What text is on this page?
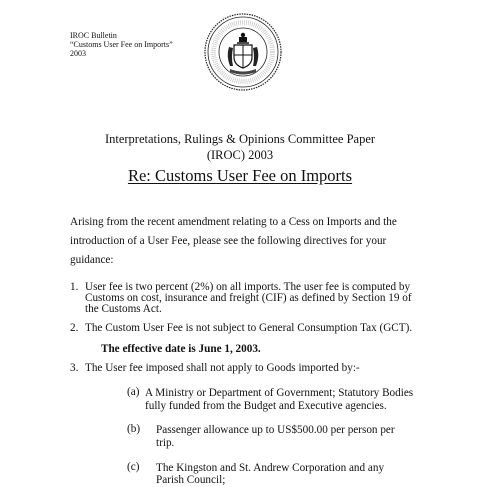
IROC Bulletin
“Customs User Fee on Imports”
2003
Interpretations, Rulings & Opinions Committee Paper
(IROC) 2003
Re: Customs User Fee on Imports
Arising from the recent amendment relating to a Cess on Imports and the
introduction of a User Fee, please see the following directives for your
guidance:
1. User fee is two percent (2%) on all imports. The user fee is computed by
Customs on cost, insurance and freight (CIF) as defined by Section 19 of
the Customs Act.
2. The Custom User Fee is not subject to General Consumption Tax (GCT).
The effective date is June 1, 2003.
3. The User fee imposed shall not apply to Goods imported by:-
(a) A Ministry or Department of Government; Statutory Bodies
fully funded from the Budget and Executive agencies.
(b) Passenger allowance up to US$500.00 per person per
trip.
(c) The Kingston and St. Andrew Corporation and any
Parish Council;
